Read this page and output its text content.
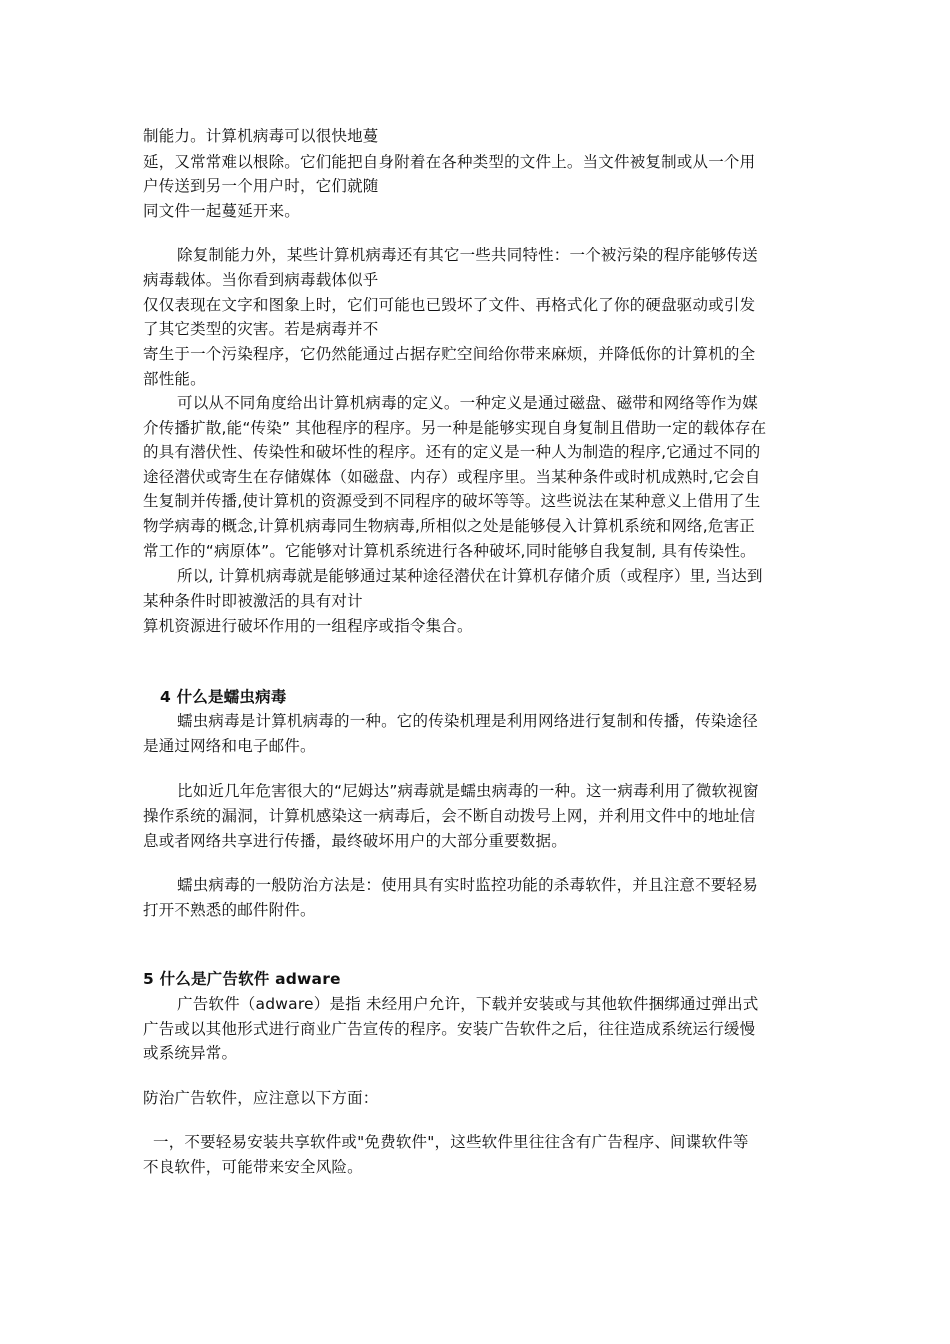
制能力。计算机病毒可以很快地蔓
延，又常常难以根除。它们能把自身附着在各种类型的文件上。当文件被复制或从一个用
户传送到另一个用户时，它们就随
同文件一起蔓延开来。
除复制能力外，某些计算机病毒还有其它一些共同特性：一个被污染的程序能够传送
病毒载体。当你看到病毒载体似乎
仅仅表现在文字和图象上时，它们可能也已毁坏了文件、再格式化了你的硬盘驱动或引发
了其它类型的灾害。若是病毒并不
寄生于一个污染程序，它仍然能通过占据存贮空间给你带来麻烦，并降低你的计算机的全
部性能。
可以从不同角度给出计算机病毒的定义。一种定义是通过磁盘、磁带和网络等作为媒
介传播扩散,能“传染” 其他程序的程序。另一种是能够实现自身复制且借助一定的载体存在
的具有潜伏性、传染性和破坏性的程序。还有的定义是一种人为制造的程序,它通过不同的
途径潜伏或寄生在存储媒体（如磁盘、内存）或程序里。当某种条件或时机成熟时,它会自
生复制并传播,使计算机的资源受到不同程序的破坏等等。这些说法在某种意义上借用了生
物学病毒的概念,计算机病毒同生物病毒,所相似之处是能够侵入计算机系统和网络,危害正
常工作的“病原体”。它能够对计算机系统进行各种破坏,同时能够自我复制, 具有传染性。
所以, 计算机病毒就是能够通过某种途径潜伏在计算机存储介质（或程序）里, 当达到
某种条件时即被激活的具有对计
算机资源进行破坏作用的一组程序或指令集合。
4 什么是蠕虫病毒
蠕虫病毒是计算机病毒的一种。它的传染机理是利用网络进行复制和传播，传染途径
是通过网络和电子邮件。
比如近几年危害很大的“尼姆达”病毒就是蠕虫病毒的一种。这一病毒利用了微软视窗
操作系统的漏洞，计算机感染这一病毒后，会不断自动拨号上网，并利用文件中的地址信
息或者网络共享进行传播，最终破坏用户的大部分重要数据。
蠕虫病毒的一般防治方法是：使用具有实时监控功能的杀毒软件，并且注意不要轻易
打开不熟悉的邮件附件。
5 什么是广告软件 adware
广告软件（adware）是指 未经用户允许，下载并安装或与其他软件捆绑通过弹出式
广告或以其他形式进行商业广告宣传的程序。安装广告软件之后，往往造成系统运行缓慢
或系统异常。
防治广告软件，应注意以下方面：
一，不要轻易安装共享软件或"免费软件"，这些软件里往往含有广告程序、间谍软件等
不良软件，可能带来安全风险。
